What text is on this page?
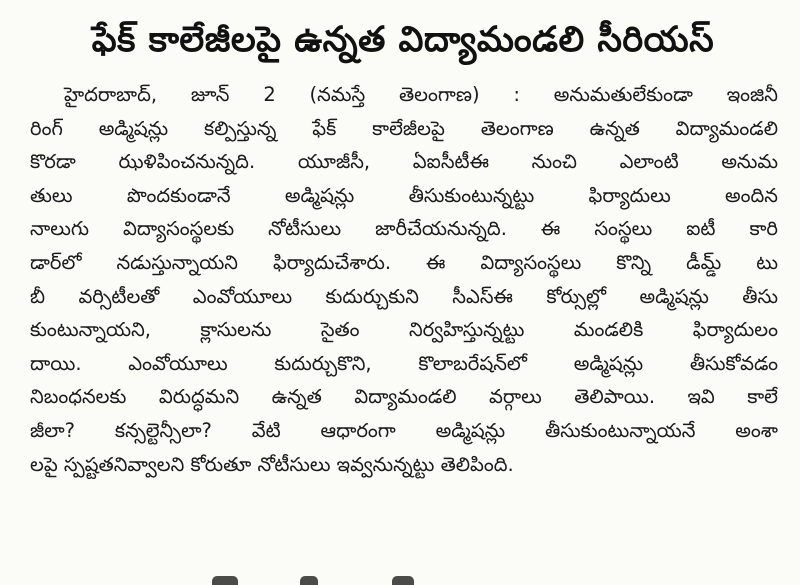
ఫేక్ కాలేజీలపై ఉన్నత విద్యామండలి సీరియస్
హైదరాబాద్, జూన్ 2 (నమస్తే తెలంగాణ) : అనుమతులేకుండా ఇంజినీ
రింగ్ అడ్మిషన్లు కల్పిస్తున్న ఫేక్ కాలేజీలపై తెలంగాణ ఉన్నత విద్యామండలి
కొరడా ఝళిపించనున్నది. యూజీసీ, ఏఐసీటీఈ నుంచి ఎలాంటి అనుమ
తులు పొందకుండానే అడ్మిషన్లు తీసుకుంటున్నట్టు ఫిర్యాదులు అందిన
నాలుగు విద్యాసంస్థలకు నోటీసులు జారీచేయనున్నది. ఈ సంస్థలు ఐటీ కారి
డార్‌లో నడుస్తున్నాయని ఫిర్యాదుచేశారు. ఈ విద్యాసంస్థలు కొన్ని డీమ్డ్ టు
బీ వర్సిటీలతో ఎంవోయూలు కుదుర్చుకుని సీఎస్‌ఈ కోర్సుల్లో అడ్మిషన్లు తీసు
కుంటున్నాయని, క్లాసులను సైతం నిర్వహిస్తున్నట్టు మండలికి ఫిర్యాదులం
దాయి. ఎంవోయూలు కుదుర్చుకొని, కొలాబరేషన్‌లో అడ్మిషన్లు తీసుకోవడం
నిబంధనలకు విరుద్ధమని ఉన్నత విద్యామండలి వర్గాలు తెలిపాయి. ఇవి కాలే
జీలా? కన్సల్టెన్సీలా? వేటి ఆధారంగా అడ్మిషన్లు తీసుకుంటున్నాయనే అంశా
లపై స్పష్టతనివ్వాలని కోరుతూ నోటీసులు ఇవ్వనున్నట్టు తెలిపింది.
